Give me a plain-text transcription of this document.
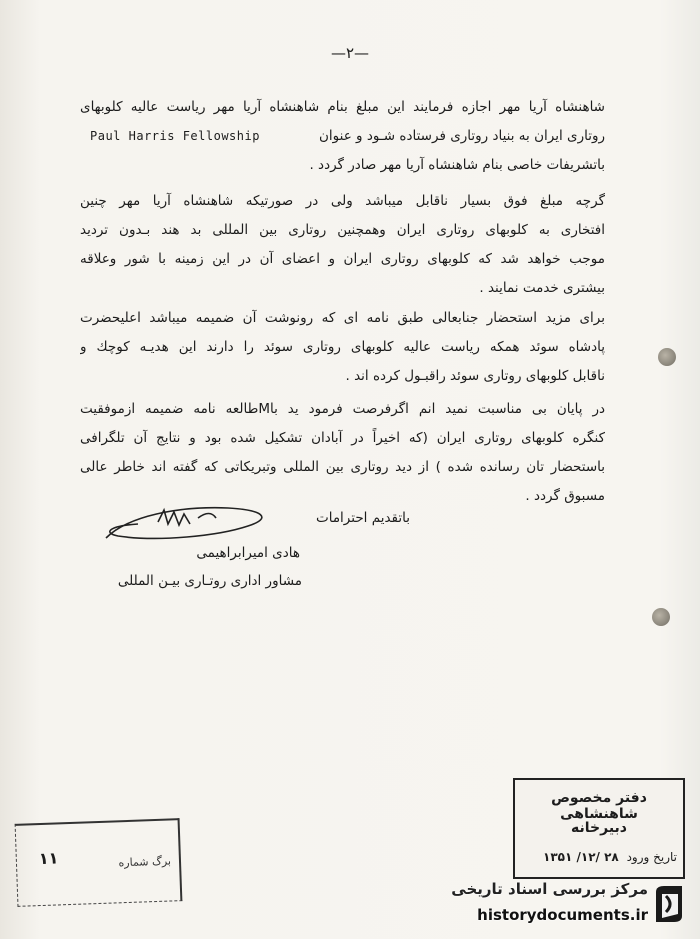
—۲—
شاهنشاه آریا مهر اجازه فرمایند این مبلغ بنام شاهنشاه آریا مهر ریاست عالیه کلوبهای
روتاری ایران به بنیاد روتاری فرستاده شـود و عنوان
Paul Harris Fellowship
باتشریفات خاصی بنام شاهنشاه آریا مهر صادر گردد .
گرچه مبلغ فوق بسیار ناقابل میباشد ولی در صورتیکه شاهنشاه آریا مهر چنین
افتخاری به کلوبهای روتاری ایران وهمچنین روتاری بین المللی بد هند بـدون تردید
موجب خواهد شد که کلوبهای روتاری ایران و اعضای آن در این زمینه با شور وعلاقه
بیشتری خدمت نمایند .
برای مزید استحضار جنابعالی طبق نامه ای که رونوشت آن ضمیمه میباشد اعلیحضرت
پادشاه سوئد همکه ریاست عالیه کلوبهای روتاری سوئد را دارند این هدیـه کوچك و
ناقابل کلوبهای روتاری سوئد راقبـول کرده اند .
در پایان بی مناسبت نمید انم اگرفرصت فرمود ید باMطالعه نامه ضمیمه ازموفقیت
کنگره کلوبهای روتاری ایران (که اخیراً در آبادان تشکیل شده بود و نتایج آن تلگرافی
باستحضار تان رسانده شده ) از دید روتاری بین المللی وتبریکاتی که گفته اند خاطر عالی
مسبوق گردد .
باتقدیم احترامات
هادی امیرابراهیمی
مشاور اداری روتـاری بیـن المللی
برگ شماره
۱۱
دفتر مخصوص شاهنشاهی
دبیرخانه
تاریخ ورود ۲۸ /۱۲/ ۱۳۵۱
مرکز بررسی اسناد تاریخی
historydocuments.ir
